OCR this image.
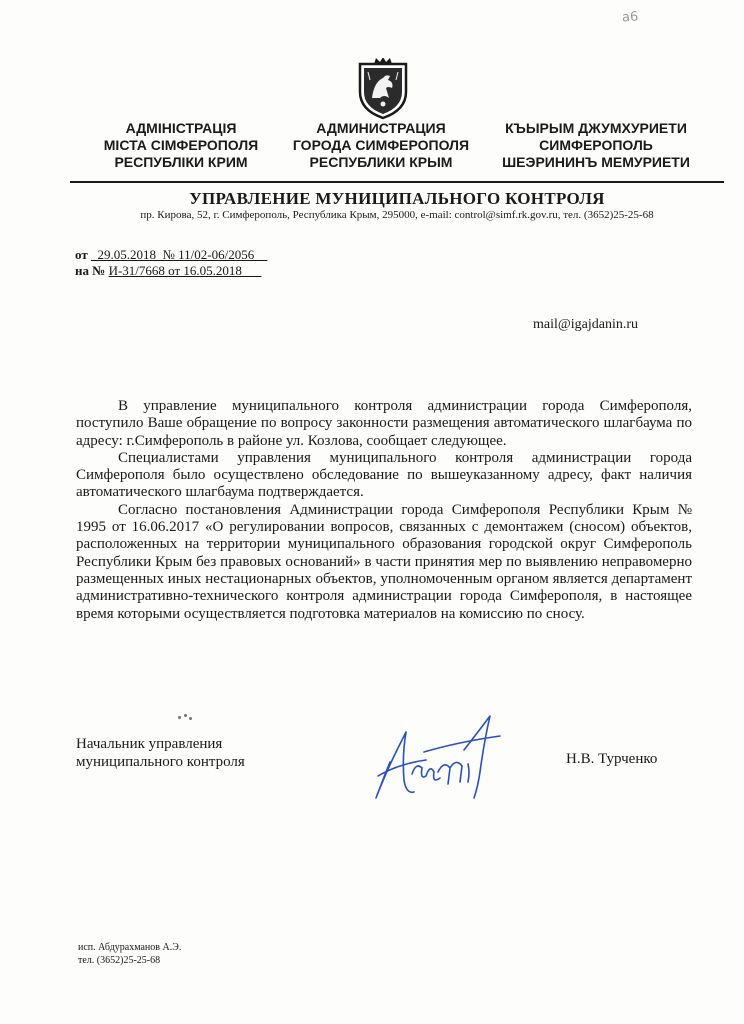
a6
АДМІНІСТРАЦІЯ
МІСТА СІМФЕРОПОЛЯ
РЕСПУБЛІКИ КРИМ
АДМИНИСТРАЦИЯ
ГОРОДА СИМФЕРОПОЛЯ
РЕСПУБЛИКИ КРЫМ
КЪЫРЫМ ДЖУМХУРИЕТИ
СИМФЕРОПОЛЬ
ШЕЭРИНИНЪ МЕМУРИЕТИ
УПРАВЛЕНИЕ МУНИЦИПАЛЬНОГО КОНТРОЛЯ
пр. Кирова, 52, г. Симферополь, Республика Крым, 295000, e-mail: control@simf.rk.gov.ru, тел. (3652)25-25-68
от _29.05.2018_№ 11/02-06/2056__
на № И-31/7668 от 16.05.2018___
mail@igajdanin.ru

В управление муниципального контроля администрации города Симферополя, поступило Ваше обращение по вопросу законности размещения автоматического шлагбаума по адресу: г.Симферополь в районе ул. Козлова, сообщает следующее.

Специалистами управления муниципального контроля администрации города Симферополя было осуществлено обследование по вышеуказанному адресу, факт наличия автоматического шлагбаума подтверждается.

Согласно постановления Администрации города Симферополя Республики Крым № 1995 от 16.06.2017 «О регулировании вопросов, связанных с демонтажем (сносом) объектов, расположенных на территории муниципального образования городской округ Симферополь Республики Крым без правовых оснований» в части принятия мер по выявлению неправомерно размещенных иных нестационарных объектов, уполномоченным органом является департамент административно-технического контроля администрации города Симферополя, в настоящее время которыми осуществляется подготовка материалов на комиссию по сносу.

Начальник управления
муниципального контроля	Н.В. Турченко
исп. Абдурахманов А.Э.
тел. (3652)25-25-68
